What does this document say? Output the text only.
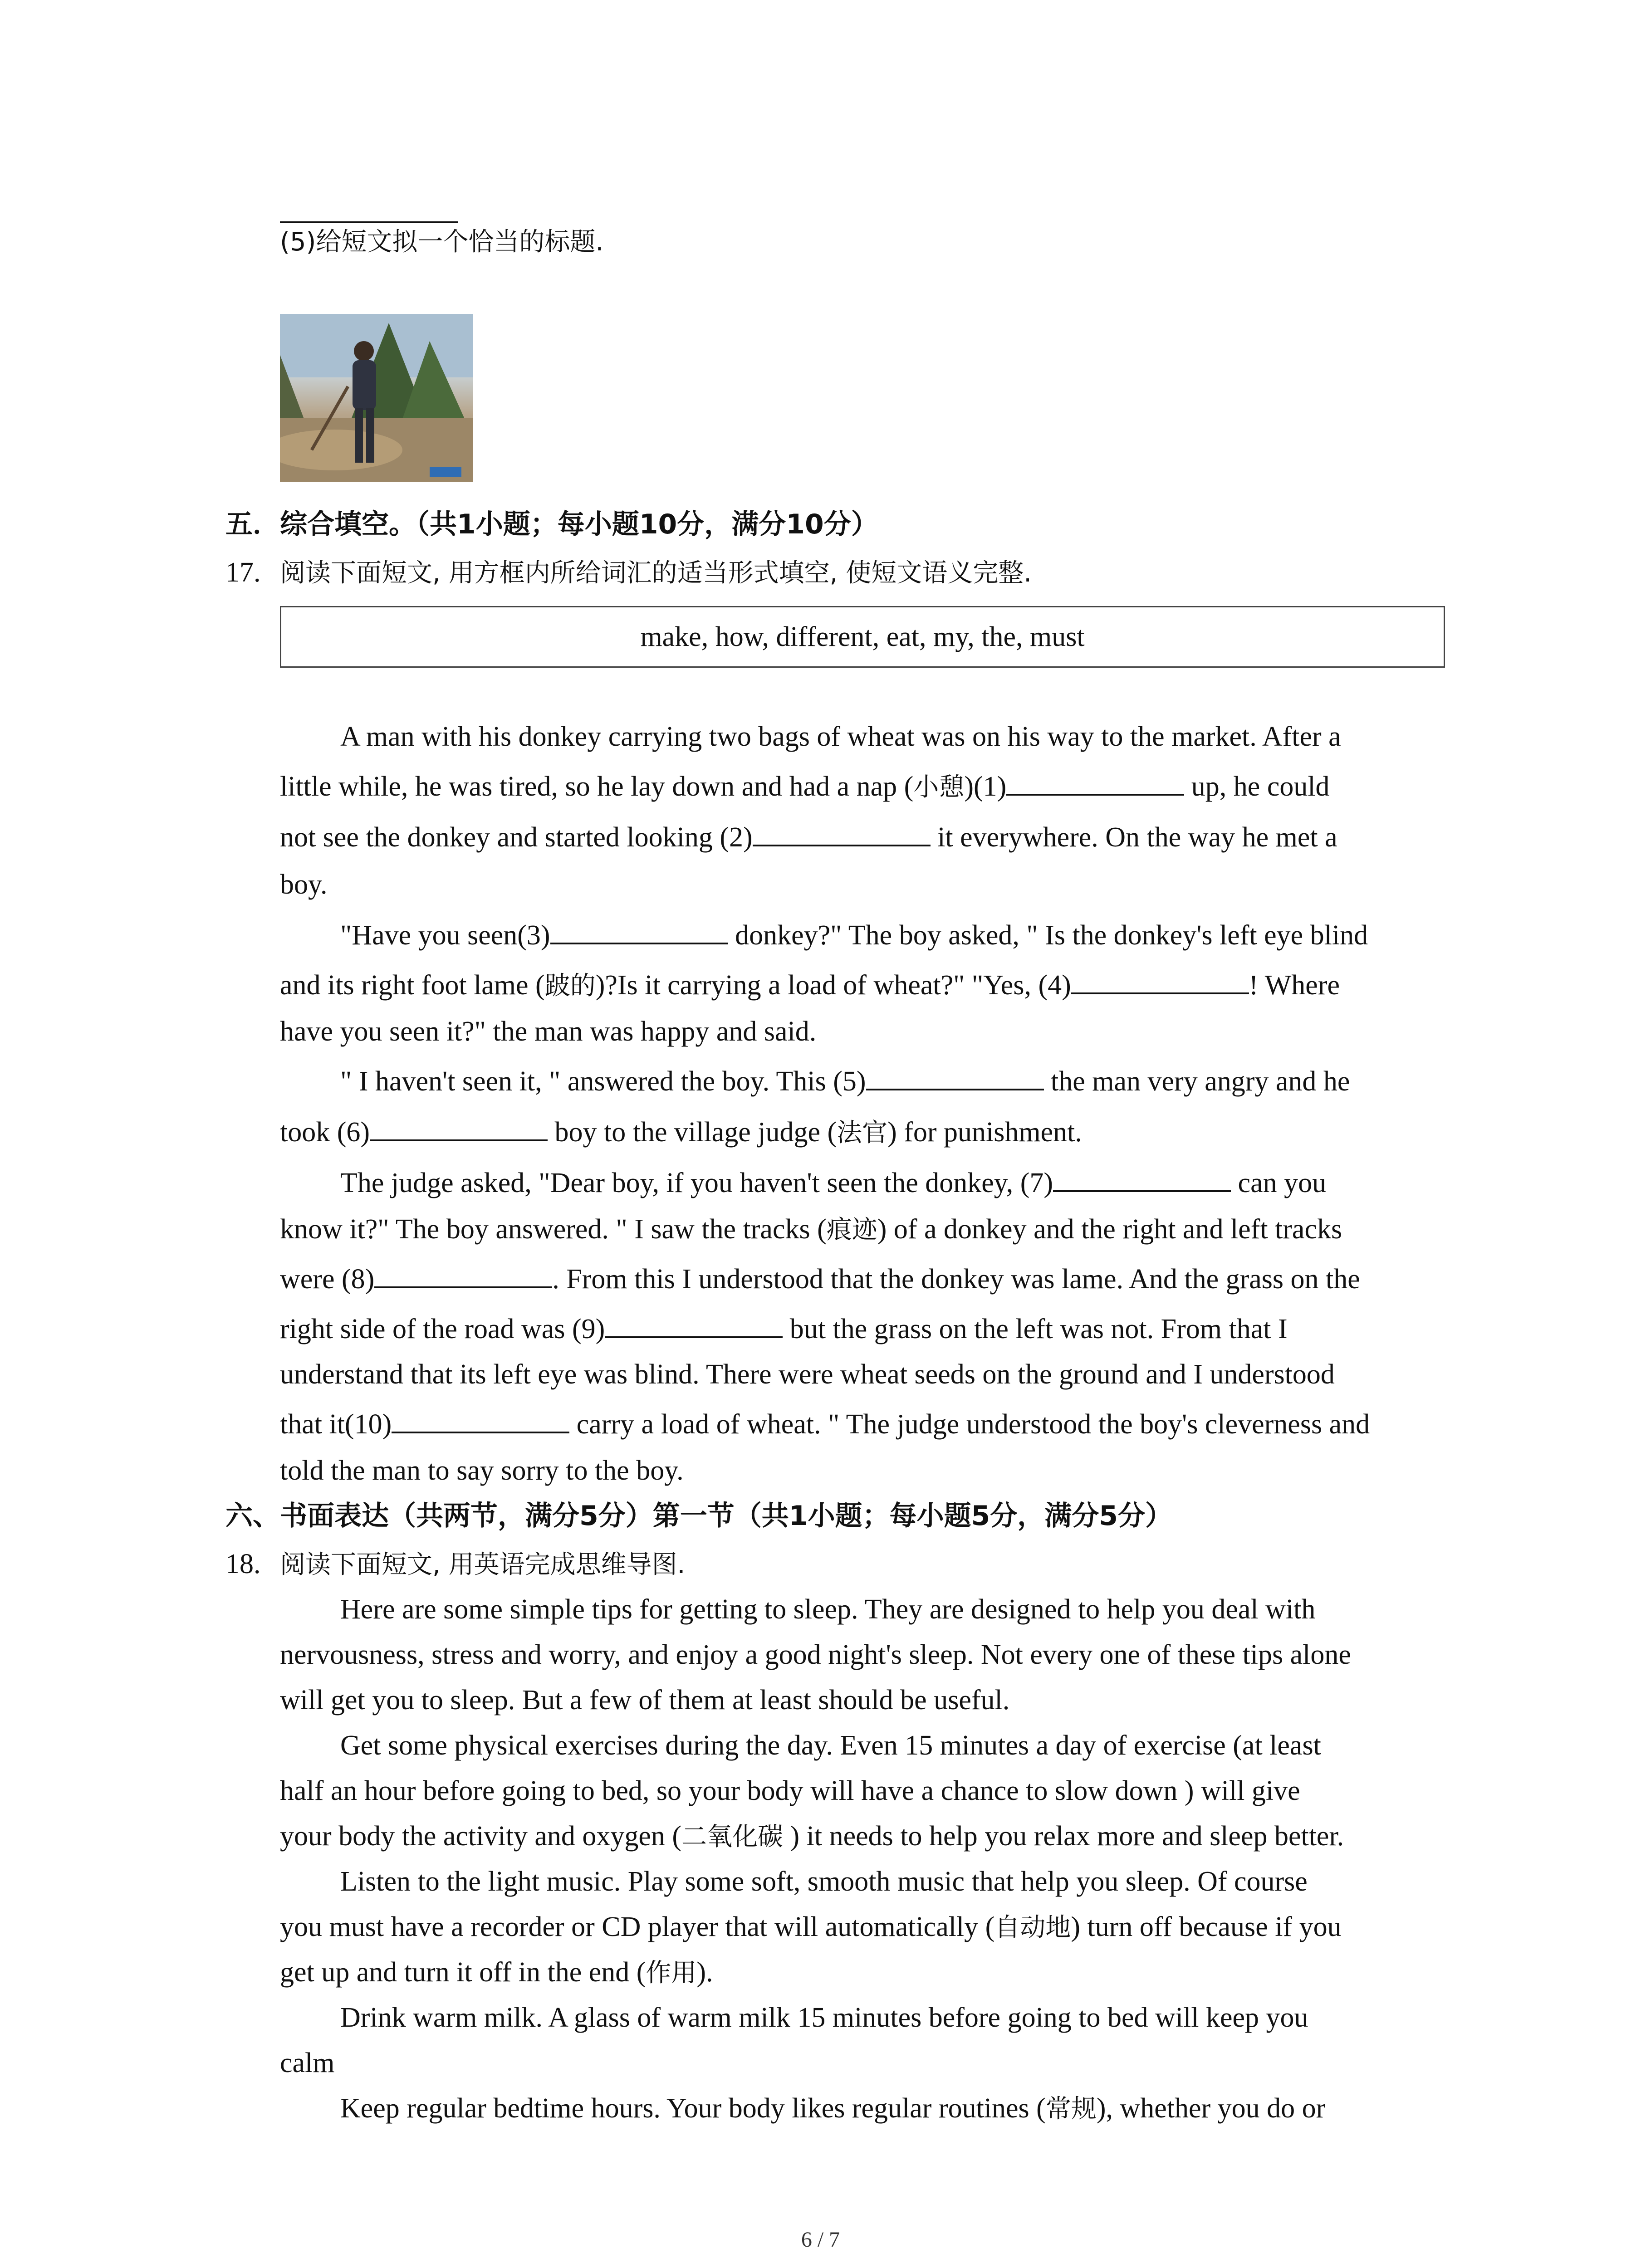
(5)给短文拟一个恰当的标题.
五．综合填空。（共1小题；每小题10分，满分10分）
17. 阅读下面短文, 用方框内所给词汇的适当形式填空, 使短文语义完整.
make, how, different, eat, my, the, must
A man with his donkey carrying two bags of wheat was on his way to the market. After a
little while, he was tired, so he lay down and had a nap (小憩)(1)	up, he could
not see the donkey and started looking (2)	it everywhere. On the way he met a
boy.
"Have you seen(3)	donkey?" The boy asked, " Is the donkey's left eye blind
and its right foot lame (跛的)?Is it carrying a load of wheat?" "Yes, (4)	! Where
have you seen it?" the man was happy and said.
" I haven't seen it, " answered the boy. This (5)	the man very angry and he
took (6)	boy to the village judge (法官) for punishment.
The judge asked, "Dear boy, if you haven't seen the donkey, (7)	can you
know it?" The boy answered. " I saw the tracks (痕迹) of a donkey and the right and left tracks
were (8)	. From this I understood that the donkey was lame. And the grass on the
right side of the road was (9)	but the grass on the left was not. From that I
understand that its left eye was blind. There were wheat seeds on the ground and I understood
that it(10)	carry a load of wheat. " The judge understood the boy's cleverness and
told the man to say sorry to the boy.
六、书面表达（共两节，满分5分）第一节（共1小题；每小题5分，满分5分）
18. 阅读下面短文, 用英语完成思维导图.
Here are some simple tips for getting to sleep. They are designed to help you deal with
nervousness, stress and worry, and enjoy a good night's sleep. Not every one of these tips alone
will get you to sleep. But a few of them at least should be useful.
Get some physical exercises during the day. Even 15 minutes a day of exercise (at least
half an hour before going to bed, so your body will have a chance to slow down ) will give
your body the activity and oxygen (二氧化碳 ) it needs to help you relax more and sleep better.
Listen to the light music. Play some soft, smooth music that help you sleep. Of course
you must have a recorder or CD player that will automatically (自动地) turn off because if you
get up and turn it off in the end (作用).
Drink warm milk. A glass of warm milk 15 minutes before going to bed will keep you
calm
Keep regular bedtime hours. Your body likes regular routines (常规), whether you do or
6 / 7
